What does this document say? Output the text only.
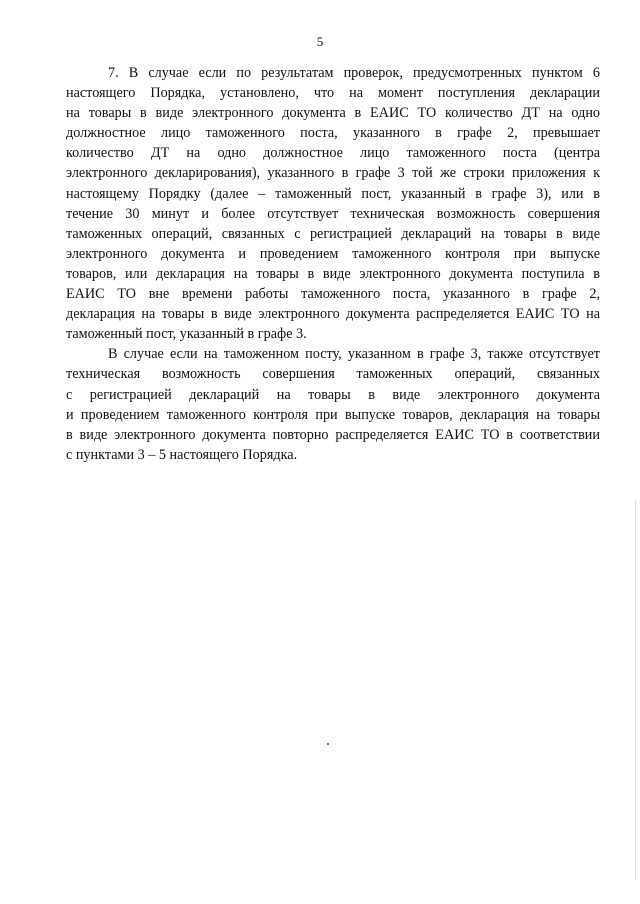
5

7. В случае если по результатам проверок, предусмотренных пунктом 6
настоящего Порядка, установлено, что на момент поступления декларации
на товары в виде электронного документа в ЕАИС ТО количество ДТ на одно
должностное лицо таможенного поста, указанного в графе 2, превышает
количество ДТ на одно должностное лицо таможенного поста (центра
электронного декларирования), указанного в графе 3 той же строки приложения к
настоящему Порядку (далее – таможенный пост, указанный в графе 3), или в
течение 30 минут и более отсутствует техническая возможность совершения
таможенных операций, связанных с регистрацией деклараций на товары в виде
электронного документа и проведением таможенного контроля при выпуске
товаров, или декларация на товары в виде электронного документа поступила в
ЕАИС ТО вне времени работы таможенного поста, указанного в графе 2,
декларация на товары в виде электронного документа распределяется ЕАИС ТО на
таможенный пост, указанный в графе 3.

В случае если на таможенном посту, указанном в графе 3, также отсутствует
техническая возможность совершения таможенных операций, связанных
с регистрацией деклараций на товары в виде электронного документа
и проведением таможенного контроля при выпуске товаров, декларация на товары
в виде электронного документа повторно распределяется ЕАИС ТО в соответствии
с пунктами 3 – 5 настоящего Порядка.
